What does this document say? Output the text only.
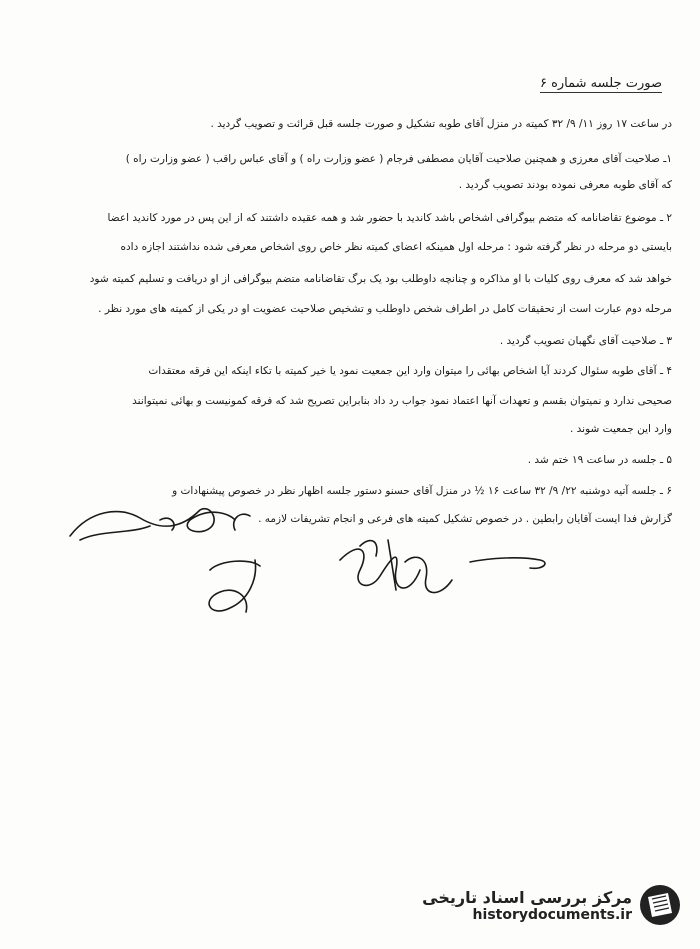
صورت جلسه شماره ۶
در ساعت ۱۷ روز ۱۱/ ۹/ ۳۲ کمیته در منزل آقای طوبه تشکیل و صورت جلسه قبل قرائت و تصویب گردید .
۱ـ صلاحیت آقای معرزی و همچنین صلاحیت آقایان مصطفی فرجام ( عضو وزارت راه ) و آقای عباس راقب ( عضو وزارت راه )
که آقای طوبه معرفی نموده بودند تصویب گردید .
۲ ـ موضوع تقاضانامه که متضم بیوگرافی اشخاص باشد کاندید با حضور شد و همه عقیده داشتند که از این پس در مورد کاندید اعضا
بایستی دو مرحله در نظر گرفته شود : مرحله اول همینکه اعضای کمیته نظر خاص روی اشخاص معرفی شده نداشتند اجازه داده
خواهد شد که معرف روی کلیات با او مذاکره و چنانچه داوطلب بود یک برگ تقاضانامه متضم بیوگرافی از او دریافت و تسلیم کمیته شود
مرحله دوم عبارت است از تحقیقات کامل در اطراف شخص داوطلب و تشخیص صلاحیت عضویت او در یکی از کمیته های مورد نظر .
۳ ـ صلاحیت آقای نگهبان تصویب گردید .
۴ ـ آقای طوبه سئوال کردند آیا اشخاص بهائی را میتوان وارد این جمعیت نمود یا خیر کمیته با تکاء اینکه این فرقه معتقدات
صحیحی ندارد و نمیتوان بقسم و تعهدات آنها اعتماد نمود جواب رد داد بنابراین تصریح شد که فرقه کمونیست و بهائی نمیتوانند
وارد این جمعیت شوند .
۵ ـ جلسه در ساعت ۱۹ ختم شد .
۶ ـ جلسه آتیه دوشنبه ۲۲/ ۹/ ۳۲ ساعت ۱۶ ½ در منزل آقای حسنو دستور جلسه اظهار نظر در خصوص پیشنهادات و
گزارش فدا ایست آقایان رابطین . در خصوص تشکیل کمیته های فرعی و انجام تشریفات لازمه .
مرکز بررسی اسناد تاریخی
historydocuments.ir
